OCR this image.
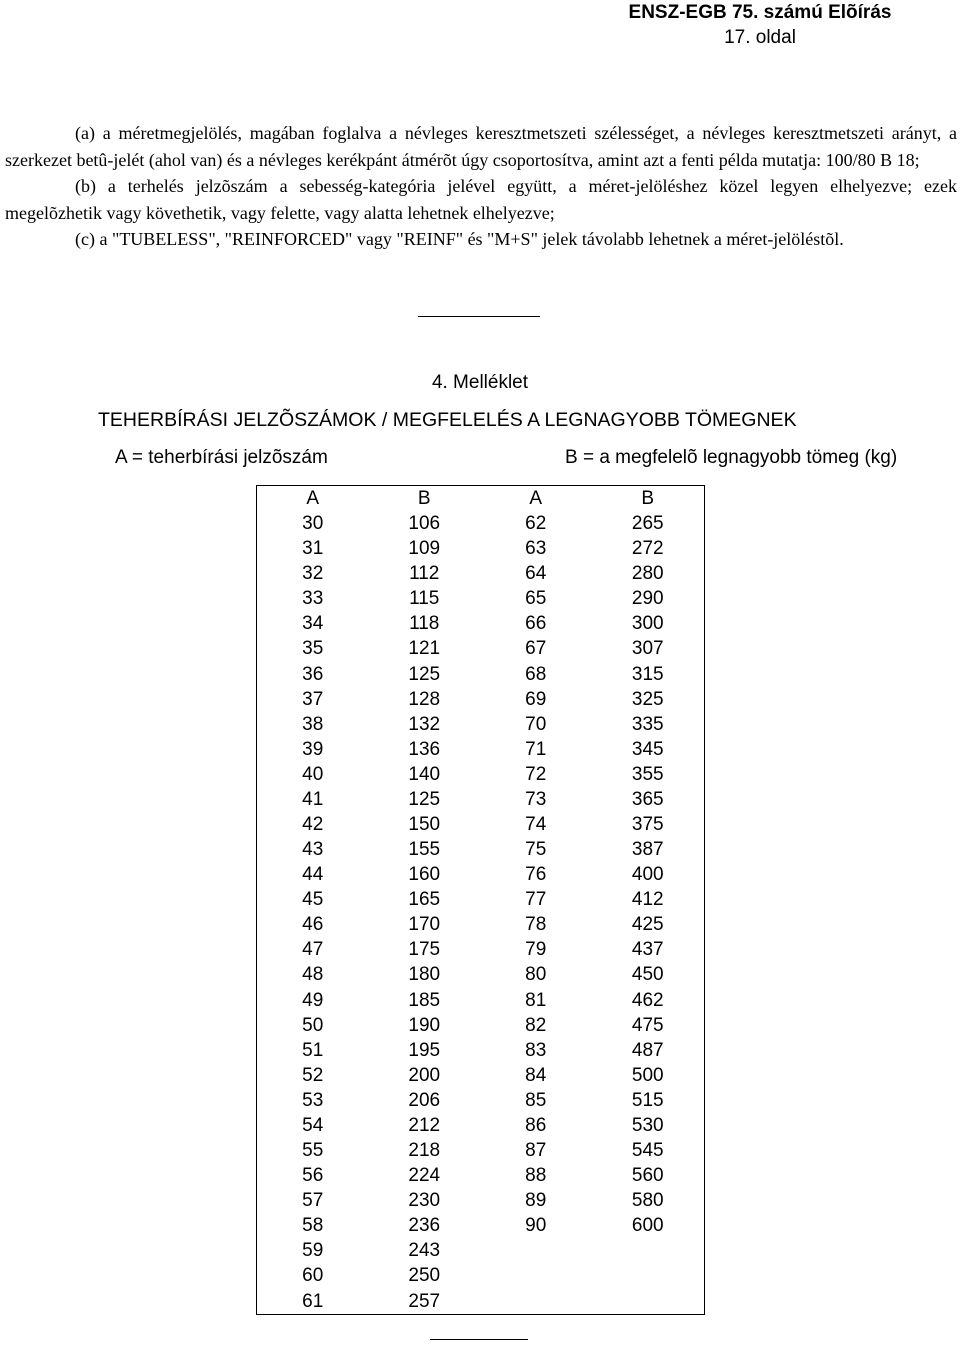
ENSZ-EGB 75. számú Elõírás
17. oldal

(a) a méretmegjelölés, magában foglalva a névleges keresztmetszeti szélességet, a névleges keresztmetszeti arányt, a szerkezet betû-jelét (ahol van) és a névleges kerékpánt átmérõt úgy csoportosítva, amint azt a fenti példa mutatja: 100/80 B 18;

(b) a terhelés jelzõszám a sebesség-kategória jelével együtt, a méret-jelöléshez közel legyen elhelyezve; ezek megelõzhetik vagy követhetik, vagy felette, vagy alatta lehetnek elhelyezve;

(c) a "TUBELESS", "REINFORCED" vagy "REINF" és "M+S" jelek távolabb lehetnek a méret-jelöléstõl.

4. Melléklet
TEHERBÍRÁSI JELZÕSZÁMOK / MEGFELELÉS A LEGNAGYOBB TÖMEGNEK
A = teherbírási jelzõszám	B = a megfelelõ legnagyobb tömeg (kg)
A	B	A	B
30	106	62	265
31	109	63	272
32	112	64	280
33	115	65	290
34	118	66	300
35	121	67	307
36	125	68	315
37	128	69	325
38	132	70	335
39	136	71	345
40	140	72	355
41	125	73	365
42	150	74	375
43	155	75	387
44	160	76	400
45	165	77	412
46	170	78	425
47	175	79	437
48	180	80	450
49	185	81	462
50	190	82	475
51	195	83	487
52	200	84	500
53	206	85	515
54	212	86	530
55	218	87	545
56	224	88	560
57	230	89	580
58	236	90	600
59	243		
60	250		
61	257		
